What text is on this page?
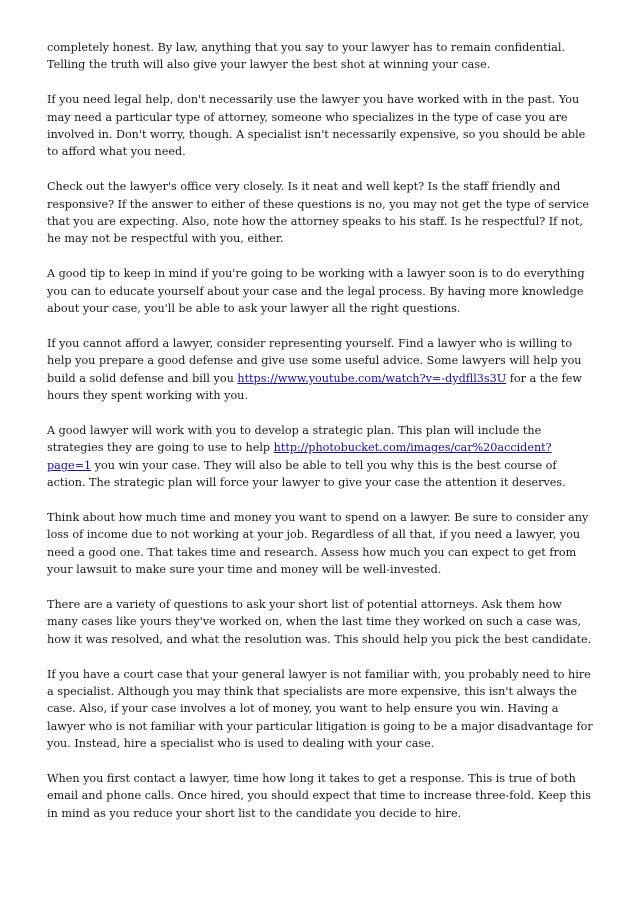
completely honest. By law, anything that you say to your lawyer has to remain confidential. Telling the truth will also give your lawyer the best shot at winning your case.

If you need legal help, don't necessarily use the lawyer you have worked with in the past. You may need a particular type of attorney, someone who specializes in the type of case you are involved in. Don't worry, though. A specialist isn't necessarily expensive, so you should be able to afford what you need.

Check out the lawyer's office very closely. Is it neat and well kept? Is the staff friendly and responsive? If the answer to either of these questions is no, you may not get the type of service that you are expecting. Also, note how the attorney speaks to his staff. Is he respectful? If not, he may not be respectful with you, either.

A good tip to keep in mind if you're going to be working with a lawyer soon is to do everything you can to educate yourself about your case and the legal process. By having more knowledge about your case, you'll be able to ask your lawyer all the right questions.

If you cannot afford a lawyer, consider representing yourself. Find a lawyer who is willing to help you prepare a good defense and give use some useful advice. Some lawyers will help you build a solid defense and bill you https://www.youtube.com/watch?v=-dydfll3s3U for a the few hours they spent working with you.

A good lawyer will work with you to develop a strategic plan. This plan will include the strategies they are going to use to help http://photobucket.com/images/car%20accident?page=1 you win your case. They will also be able to tell you why this is the best course of action. The strategic plan will force your lawyer to give your case the attention it deserves.

Think about how much time and money you want to spend on a lawyer. Be sure to consider any loss of income due to not working at your job. Regardless of all that, if you need a lawyer, you need a good one. That takes time and research. Assess how much you can expect to get from your lawsuit to make sure your time and money will be well-invested.

There are a variety of questions to ask your short list of potential attorneys. Ask them how many cases like yours they've worked on, when the last time they worked on such a case was, how it was resolved, and what the resolution was. This should help you pick the best candidate.

If you have a court case that your general lawyer is not familiar with, you probably need to hire a specialist. Although you may think that specialists are more expensive, this isn't always the case. Also, if your case involves a lot of money, you want to help ensure you win. Having a lawyer who is not familiar with your particular litigation is going to be a major disadvantage for you. Instead, hire a specialist who is used to dealing with your case.

When you first contact a lawyer, time how long it takes to get a response. This is true of both email and phone calls. Once hired, you should expect that time to increase three-fold. Keep this in mind as you reduce your short list to the candidate you decide to hire.
